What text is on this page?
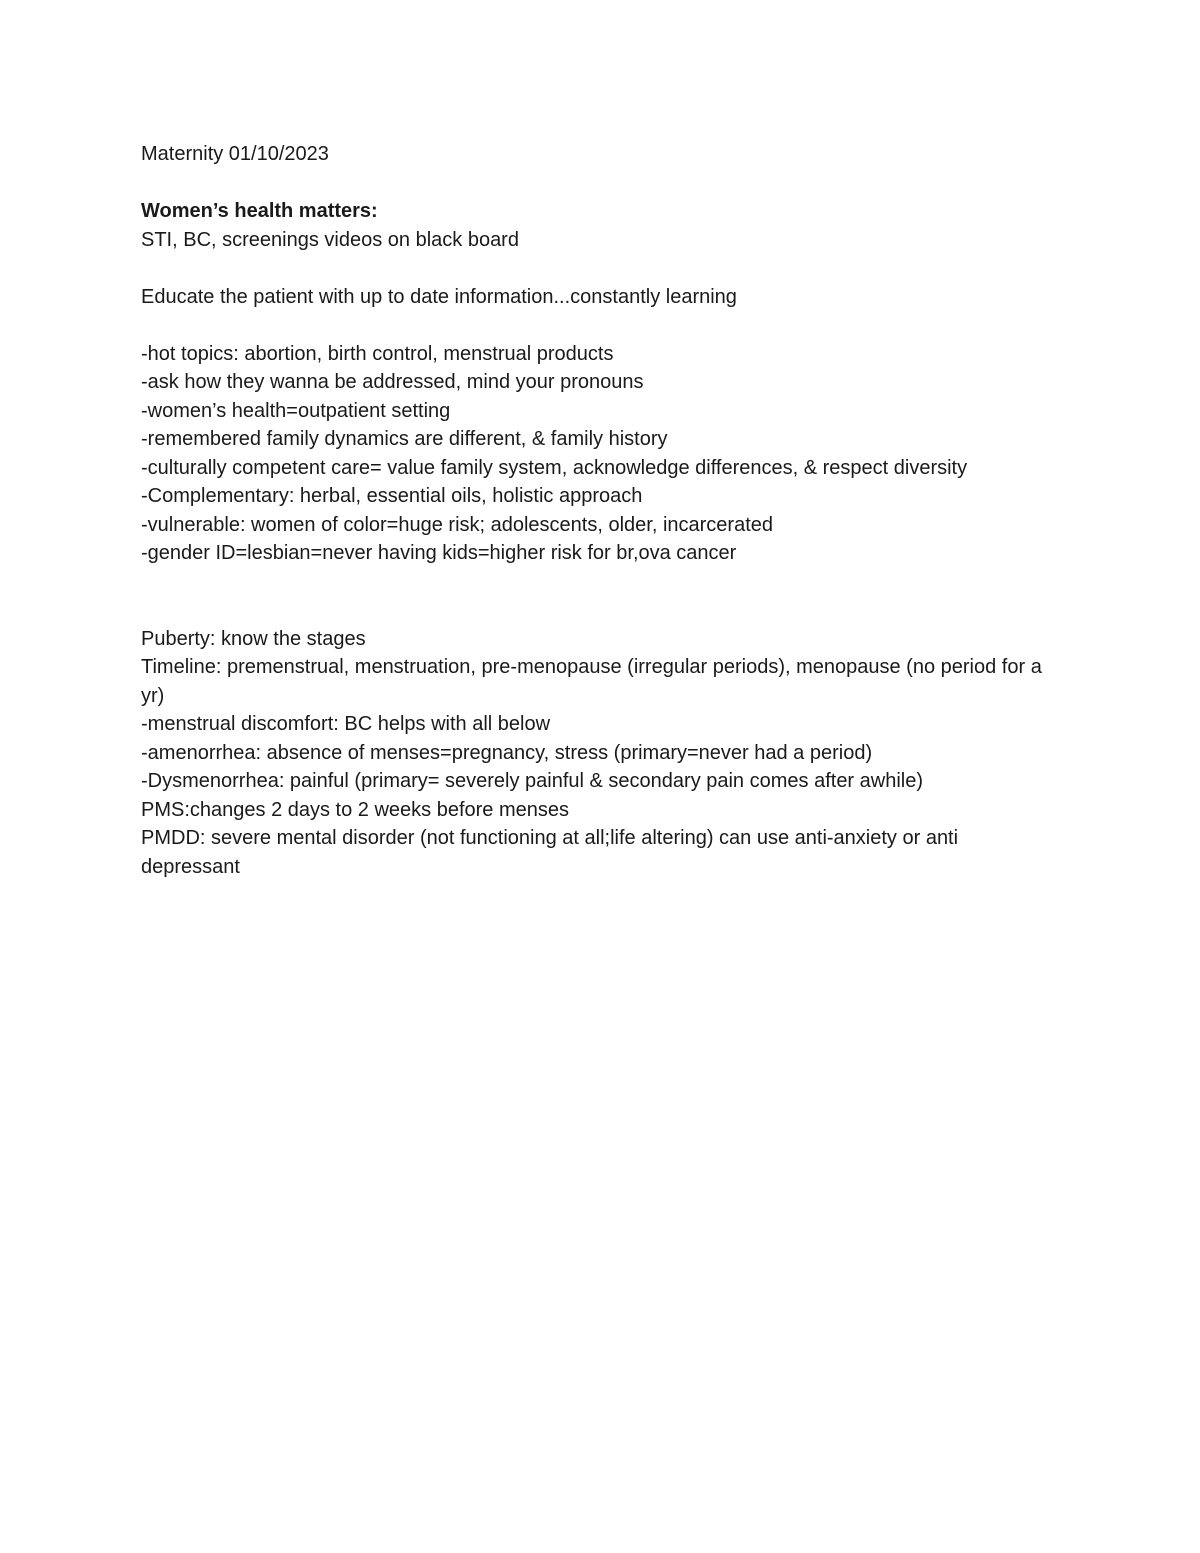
Maternity 01/10/2023
Women’s health matters:
STI, BC, screenings videos on black board
Educate the patient with up to date information...constantly learning
-hot topics: abortion, birth control, menstrual products
-ask how they wanna be addressed, mind your pronouns
-women’s health=outpatient setting
-remembered family dynamics are different, & family history
-culturally competent care= value family system, acknowledge differences, & respect diversity
-Complementary: herbal, essential oils, holistic approach
-vulnerable: women of color=huge risk; adolescents, older, incarcerated
-gender ID=lesbian=never having kids=higher risk for br,ova cancer
Puberty: know the stages
Timeline: premenstrual, menstruation, pre-menopause (irregular periods), menopause (no period for a yr)
-menstrual discomfort: BC helps with all below
-amenorrhea: absence of menses=pregnancy, stress (primary=never had a period)
-Dysmenorrhea: painful (primary= severely painful & secondary pain comes after awhile)
PMS:changes 2 days to 2 weeks before menses
PMDD: severe mental disorder (not functioning at all;life altering) can use anti-anxiety or anti depressant
